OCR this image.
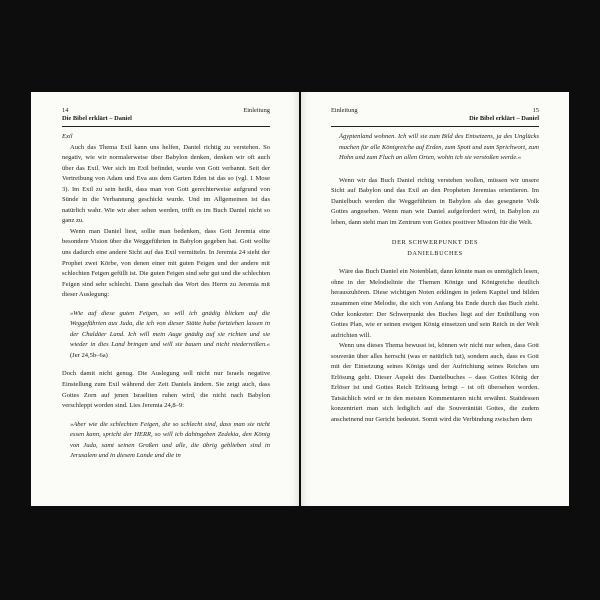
14	Einleitung
Die Bibel erklärt – Daniel

Exil

Auch das Thema Exil kann uns helfen, Daniel richtig zu verstehen. So negativ, wie wir normalerweise über Babylon denken, denken wir oft auch über das Exil. Wer sich im Exil befindet, wurde von Gott verbannt. Seit der Vertreibung von Adam und Eva aus dem Garten Eden ist das so (vgl. 1 Mose 3). Im Exil zu sein heißt, dass man von Gott gerechterweise aufgrund von Sünde in die Verbannung geschickt wurde. Und im Allgemeinen ist das natürlich wahr. Wie wir aber sehen werden, trifft es im Buch Daniel nicht so ganz zu.

Wenn man Daniel liest, sollte man bedenken, dass Gott Jeremia eine besondere Vision über die Weggeführten in Babylon gegeben hat. Gott wollte uns dadurch eine andere Sicht auf das Exil vermitteln. In Jeremia 24 sieht der Prophet zwei Körbe, von denen einer mit guten Feigen und der andere mit schlechten Feigen gefüllt ist. Die guten Feigen sind sehr gut und die schlechten Feigen sind sehr schlecht. Dann geschah das Wort des Herrn zu Jeremia mit dieser Auslegung:

»Wie auf diese guten Feigen, so will ich gnädig blicken auf die Weggeführten aus Juda, die ich von dieser Stätte habe fortziehen lassen in der Chaldäer Land. Ich will mein Auge gnädig auf sie richten und sie wieder in dies Land bringen und will sie bauen und nicht niederreißen.« (Jer 24,5b–6a)

Doch damit nicht genug. Die Auslegung soll nicht nur Israels negative Einstellung zum Exil während der Zeit Daniels ändern. Sie zeigt auch, dass Gottes Zorn auf jenen Israeliten ruhen wird, die nicht nach Babylon verschleppt worden sind. Lies Jeremia 24,8–9:

»Aber wie die schlechten Feigen, die so schlecht sind, dass man sie nicht essen kann, spricht der HERR, so will ich dahingeben Zedekia, den König von Juda, samt seinen Großen und alle, die übrig geblieben sind in Jerusalem und in diesem Lande und die in
Einleitung	15
Die Bibel erklärt – Daniel
Ägyptenland wohnen. Ich will sie zum Bild des Entsetzens, ja des Unglücks machen für alle Königreiche auf Erden, zum Spott und zum Sprichwort, zum Hohn und zum Fluch an allen Orten, wohin ich sie verstoßen werde.«

Wenn wir das Buch Daniel richtig verstehen wollen, müssen wir unsere Sicht auf Babylon und das Exil an den Propheten Jeremias orientieren. Im Danielbuch werden die Weggeführten in Babylon als das gesegnete Volk Gottes angesehen. Wenn man wie Daniel aufgefordert wird, in Babylon zu leben, dann steht man im Zentrum von Gottes positiver Mission für die Welt.

DER SCHWERPUNKT DES
DANIELBUCHES

Wäre das Buch Daniel ein Notenblatt, dann könnte man es unmöglich lesen, ohne in der Melodielinie die Themen Könige und Königreiche deutlich herauszuhören. Diese wichtigen Noten erklingen in jedem Kapitel und bilden zusammen eine Melodie, die sich von Anfang bis Ende durch das Buch zieht. Oder konkreter: Der Schwerpunkt des Buches liegt auf der Enthüllung von Gottes Plan, wie er seinen ewigen König einsetzen und sein Reich in der Welt aufrichten will.

Wenn uns dieses Thema bewusst ist, können wir nicht nur sehen, dass Gott souverän über alles herrscht (was er natürlich tut), sondern auch, dass es Gott mit der Einsetzung seines Königs und der Aufrichtung seines Reiches um Erlösung geht. Dieser Aspekt des Danielbuches – dass Gottes König der Erlöser ist und Gottes Reich Erlösung bringt – ist oft übersehen worden. Tatsächlich wird er in den meisten Kommentaren nicht erwähnt. Stattdessen konzentriert man sich lediglich auf die Souveränität Gottes, die zudem anscheinend nur Gericht bedeutet. Somit wird die Verbindung zwischen dem
